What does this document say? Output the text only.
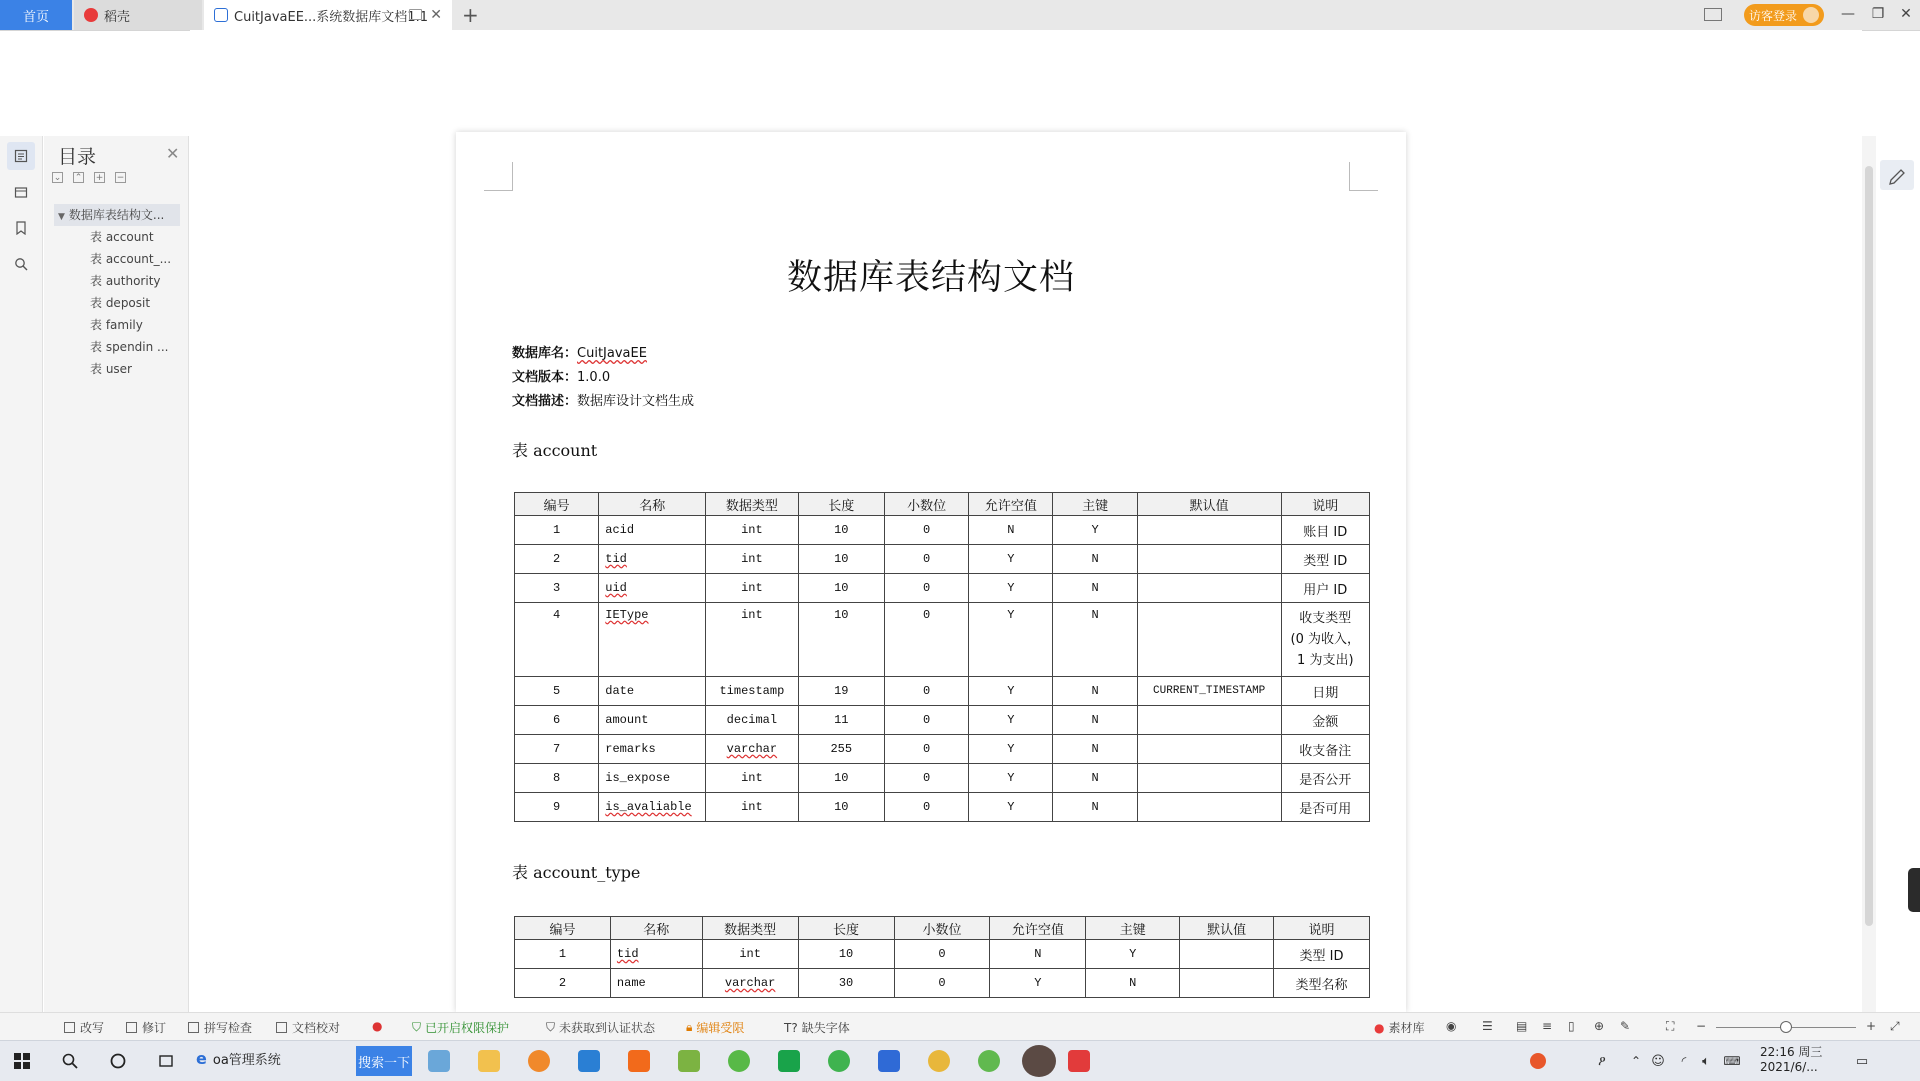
首页	稻壳	CuitJavaEE...系统数据库文档1.1 ✕ +	访客登录	— ❐ ✕
目录	✕
⌄ ⌃ + −
▼ 数据库表结构文...
表 account
表 account_...
表 authority
表 deposit
表 family
表 spendin ...
表 user
数据库表结构文档
数据库名：CuitJavaEE
文档版本：1.0.0
文档描述：数据库设计文档生成
表 account
编号	名称	数据类型	长度	小数位	允许空值	主键	默认值	说明
1	acid	int	10	0	N	Y		账目 ID
2	tid	int	10	0	Y	N		类型 ID
3	uid	int	10	0	Y	N		用户 ID
4	IEType	int	10	0	Y	N		收支类型
(0 为收入，
1 为支出)

5	date	timestamp	19	0	Y	N	CURRENT_TIMESTAMP	日期
6	amount	decimal	11	0	Y	N		金额
7	remarks	varchar	255	0	Y	N		收支备注
8	is_expose	int	10	0	Y	N		是否公开
9	is_avaliable	int	10	0	Y	N		是否可用
表 account_type
编号	名称	数据类型	长度	小数位	允许空值	主键	默认值	说明
1	tid	int	10	0	N	Y		类型 ID
2	name	varchar	30	0	Y	N		类型名称
改写	修订	拼写检查	文档校对	● ⛉ 已开启权限保护	⛉ 未获取到认证状态	🔒︎ 编辑受限	T? 缺失字体	● 素材库 ◉ ☰ ▤ ≡ ▯ ⊕ ✎	⛶ −	+ ⤢
e oa管理系统	搜索一下	ዖ ⌃ ☺ ◜ 🔈︎ ⌨︎
22:16 周三
2021/6/...	▭
